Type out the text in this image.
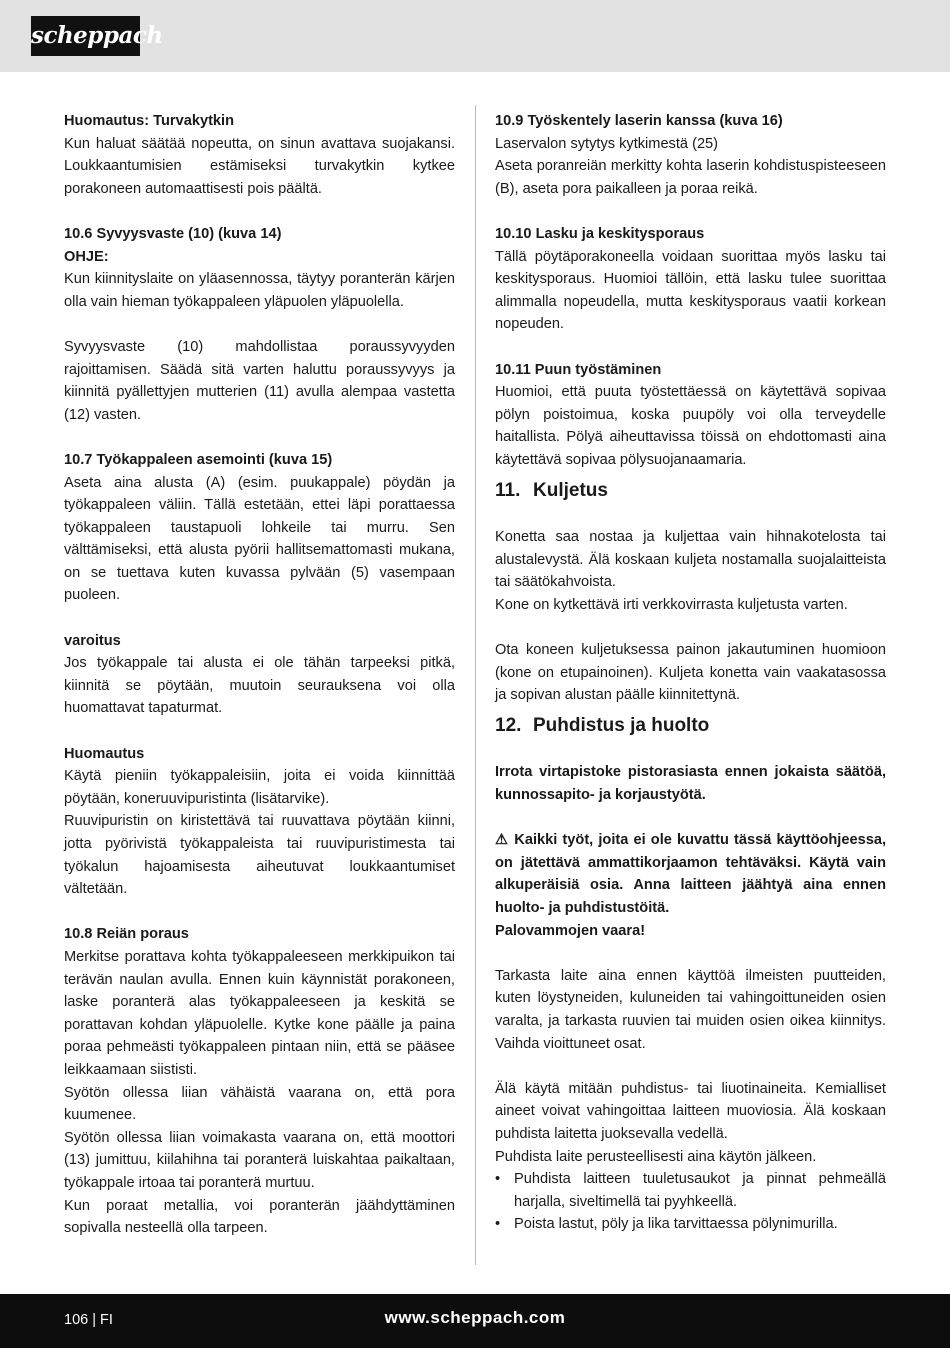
scheppach

Huomautus: Turvakytkin

Kun haluat säätää nopeutta, on sinun avattava suojakansi. Loukkaantumisien estämiseksi turvakytkin kytkee porakoneen automaattisesti pois päältä.

10.6 Syvyysvaste (10) (kuva 14)

OHJE:

Kun kiinnityslaite on yläasennossa, täytyy poranterän kärjen olla vain hieman työkappaleen yläpuolen yläpuolella.

Syvyysvaste (10) mahdollistaa poraussyvyyden rajoittamisen. Säädä sitä varten haluttu poraussyvyys ja kiinnitä pyällettyjen mutterien (11) avulla alempaa vastetta (12) vasten.

10.7 Työkappaleen asemointi (kuva 15)

Aseta aina alusta (A) (esim. puukappale) pöydän ja työkappaleen väliin. Tällä estetään, ettei läpi porattaessa työkappaleen taustapuoli lohkeile tai murru. Sen välttämiseksi, että alusta pyörii hallitsemattomasti mukana, on se tuettava kuten kuvassa pylvään (5) vasempaan puoleen.

varoitus

Jos työkappale tai alusta ei ole tähän tarpeeksi pitkä, kiinnitä se pöytään, muutoin seurauksena voi olla huomattavat tapaturmat.

Huomautus

Käytä pieniin työkappaleisiin, joita ei voida kiinnittää pöytään, koneruuvipuristinta (lisätarvike).

Ruuvipuristin on kiristettävä tai ruuvattava pöytään kiinni, jotta pyörivistä työkappaleista tai ruuvipuristimesta tai työkalun hajoamisesta aiheutuvat loukkaantumiset vältetään.

10.8 Reiän poraus

Merkitse porattava kohta työkappaleeseen merkkipuikon tai terävän naulan avulla. Ennen kuin käynnistät porakoneen, laske poranterä alas työkappaleeseen ja keskitä se porattavan kohdan yläpuolelle. Kytke kone päälle ja paina poraa pehmeästi työkappaleen pintaan niin, että se pääsee leikkaamaan siististi.

Syötön ollessa liian vähäistä vaarana on, että pora kuumenee.

Syötön ollessa liian voimakasta vaarana on, että moottori (13) jumittuu, kiilahihna tai poranterä luiskahtaa paikaltaan, työkappale irtoaa tai poranterä murtuu.

Kun poraat metallia, voi poranterän jäähdyttäminen sopivalla nesteellä olla tarpeen.

10.9 Työskentely laserin kanssa (kuva 16)

Laservalon sytytys kytkimestä (25)

Aseta poranreiän merkitty kohta laserin kohdistuspisteeseen (B), aseta pora paikalleen ja poraa reikä.

10.10 Lasku ja keskitysporaus

Tällä pöytäporakoneella voidaan suorittaa myös lasku tai keskitysporaus. Huomioi tällöin, että lasku tulee suorittaa alimmalla nopeudella, mutta keskitysporaus vaatii korkean nopeuden.

10.11 Puun työstäminen

Huomioi, että puuta työstettäessä on käytettävä sopivaa pölyn poistoimua, koska puupöly voi olla terveydelle haitallista. Pölyä aiheuttavissa töissä on ehdottomasti aina käytettävä sopivaa pölysuojanaamaria.

11. Kuljetus

Konetta saa nostaa ja kuljettaa vain hihnakotelosta tai alustalevystä. Älä koskaan kuljeta nostamalla suojalaitteista tai säätökahvoista.

Kone on kytkettävä irti verkkovirrasta kuljetusta varten.

Ota koneen kuljetuksessa painon jakautuminen huomioon (kone on etupainoinen). Kuljeta konetta vain vaakatasossa ja sopivan alustan päälle kiinnitettynä.

12. Puhdistus ja huolto

Irrota virtapistoke pistorasiasta ennen jokaista säätöä, kunnossapito- ja korjaustyötä.

⚠ Kaikki työt, joita ei ole kuvattu tässä käyttöohjeessa, on jätettävä ammattikorjaamon tehtäväksi. Käytä vain alkuperäisiä osia. Anna laitteen jäähtyä aina ennen huolto- ja puhdistustöitä.

Palovammojen vaara!

Tarkasta laite aina ennen käyttöä ilmeisten puutteiden, kuten löystyneiden, kuluneiden tai vahingoittuneiden osien varalta, ja tarkasta ruuvien tai muiden osien oikea kiinnitys. Vaihda vioittuneet osat.

Älä käytä mitään puhdistus- tai liuotinaineita. Kemialliset aineet voivat vahingoittaa laitteen muoviosia. Älä koskaan puhdista laitetta juoksevalla vedellä.

Puhdista laite perusteellisesti aina käytön jälkeen.

• Puhdista laitteen tuuletusaukot ja pinnat pehmeällä harjalla, siveltimellä tai pyyhkeellä.
• Poista lastut, pöly ja lika tarvittaessa pölynimurilla.
106 | FI	www.scheppach.com
